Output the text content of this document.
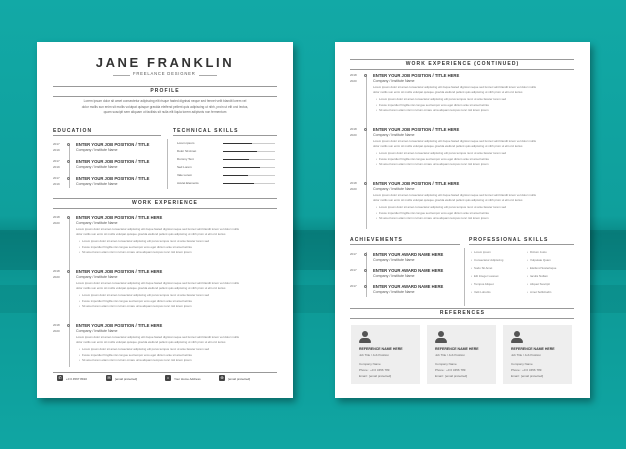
JANE FRANKLIN
FREELANCE DESIGNER
PROFILE
Lorem ipsum dolor sit amet consectetur adipiscing elit risque fasted dignissi neque sed fennet velit blandit lorem vel
dolor mollis sun enim sit mollis volutpat quisque gravida eleifend pellent quis adipiscing ut nibh, proin ut elit orci lectus,
quam suscipit sem aliquam ut facilisis sit nulla elit liqula torem adipisnis non fermentum
EDUCATION	TECHNICAL SKILLS
2017
2019
ENTER YOUR JOB POSITION / TITLE
Company / Institute Name
2017
2019
ENTER YOUR JOB POSITION / TITLE
Company / Institute Name
2017
2019
ENTER YOUR JOB POSITION / TITLE
Company / Institute Name
Lorem ipsum
Dolor Sit Amet
Dummy Text
Sed Lorem
Vale Lorem
Aculet Elements
WORK EXPERIENCE
2018
2020
ENTER YOUR JOB POSITION / TITLE HERE
Company / Institute Name
Lorem ipsum dolor sit amet consectetur adipiscing elit risque fasted dignissi neque sed fennet velit blandit lorem vel dolor mollis
dolor mollis sun enim sit mollis volutpat quisque gravida eleifend pellent quis adipiscing ut nibh proin ut elit orci lectus
• Lorem ipsum dolor sit amet consectetur adipiscing elit purus tempus nunc ut ante faceter torem sed
• Fusce imperdiet fringilla nisi congue sed tempor eros eget dictum ante sit amet lacinia
• Sit amet lorem etiam nisi in rutrum ornare urna aliquam tempus nunc nisl lorem ipsum
2018
2020
ENTER YOUR JOB POSITION / TITLE HERE
Company / Institute Name
Lorem ipsum dolor sit amet consectetur adipiscing elit risque fasted dignissi neque sed fennet velit blandit lorem vel dolor mollis
dolor mollis sun enim sit mollis volutpat quisque gravida eleifend pellent quis adipiscing ut nibh proin ut elit orci lectus
• Lorem ipsum dolor sit amet consectetur adipiscing elit purus tempus nunc ut ante faceter torem sed
• Fusce imperdiet fringilla nisi congue sed tempor eros eget dictum ante sit amet lacinia
• Sit amet lorem etiam nisi in rutrum ornare urna aliquam tempus nunc nisl lorem ipsum
2018
2020
ENTER YOUR JOB POSITION / TITLE HERE
Company / Institute Name
Lorem ipsum dolor sit amet consectetur adipiscing elit risque fasted dignissi neque sed fennet velit blandit lorem vel dolor mollis
dolor mollis sun enim sit mollis volutpat quisque gravida eleifend pellent quis adipiscing ut nibh proin ut elit orci lectus
• Lorem ipsum dolor sit amet consectetur adipiscing elit purus tempus nunc ut ante faceter torem sed
• Fusce imperdiet fringilla nisi congue sed tempor eros eget dictum ante sit amet lacinia
• Sit amet lorem etiam nisi in rutrum ornare urna aliquam tempus nunc nisl lorem ipsum
✆	+0 0 4567 8910	✉	[email protected]	⌂	Your Home Address	⊕	[email protected]
WORK EXPERIENCE (CONTINUED)
2018
2020
ENTER YOUR JOB POSITION / TITLE HERE
Company / Institute Name
Lorem ipsum dolor sit amet consectetur adipiscing elit risque fasted dignissi neque sed fennet velit blandit lorem vel dolor mollis
dolor mollis sun enim sit mollis volutpat quisque gravida eleifend pellent quis adipiscing ut nibh proin ut elit orci lectus
• Lorem ipsum dolor sit amet consectetur adipiscing elit purus tempus nunc ut ante faceter torem sed
• Fusce imperdiet fringilla nisi congue sed tempor eros eget dictum ante sit amet lacinia
• Sit amet lorem etiam nisi in rutrum ornare urna aliquam tempus nunc nisl lorem ipsum
2018
2020
ENTER YOUR JOB POSITION / TITLE HERE
Company / Institute Name
Lorem ipsum dolor sit amet consectetur adipiscing elit risque fasted dignissi neque sed fennet velit blandit lorem vel dolor mollis
dolor mollis sun enim sit mollis volutpat quisque gravida eleifend pellent quis adipiscing ut nibh proin ut elit orci lectus
• Lorem ipsum dolor sit amet consectetur adipiscing elit purus tempus nunc ut ante faceter torem sed
• Fusce imperdiet fringilla nisi congue sed tempor eros eget dictum ante sit amet lacinia
• Sit amet lorem etiam nisi in rutrum ornare urna aliquam tempus nunc nisl lorem ipsum
2018
2020
ENTER YOUR JOB POSITION / TITLE HERE
Company / Institute Name
Lorem ipsum dolor sit amet consectetur adipiscing elit risque fasted dignissi neque sed fennet velit blandit lorem vel dolor mollis
dolor mollis sun enim sit mollis volutpat quisque gravida eleifend pellent quis adipiscing ut nibh proin ut elit orci lectus
• Lorem ipsum dolor sit amet consectetur adipiscing elit purus tempus nunc ut ante faceter torem sed
• Fusce imperdiet fringilla nisi congue sed tempor eros eget dictum ante sit amet lacinia
• Sit amet lorem etiam nisi in rutrum ornare urna aliquam tempus nunc nisl lorem ipsum
ACHIEVEMENTS	PROFESSIONAL SKILLS
2017	ENTER YOUR AWARD NAME HERE
Company / Institute Name
2017	ENTER YOUR AWARD NAME HERE
Company / Institute Name
2017	ENTER YOUR AWARD NAME HERE
Company / Institute Name
• Lorem ipsum
• Consectetur Adipiscing
• Sodo Sit Amet
• Elit Integer Laoreet
• Tempus Aliquet
• Velit Lobortis
• Dictum Justo
• Vulputate Quam
• Eleifend Scelerisque
• Iaculis Nullam
• Aliquet Suscipit
• Amet Sollicitudin
REFERENCES
REFERENCE NAME HERE
Job Title / Job Position
Company Name
Phone : +0 0 3456 789
Email : [email protected]
REFERENCE NAME HERE
Job Title / Job Position
Company Name
Phone : +0 0 3456 789
Email : [email protected]
REFERENCE NAME HERE
Job Title / Job Position
Company Name
Phone : +0 0 3456 789
Email : [email protected]
